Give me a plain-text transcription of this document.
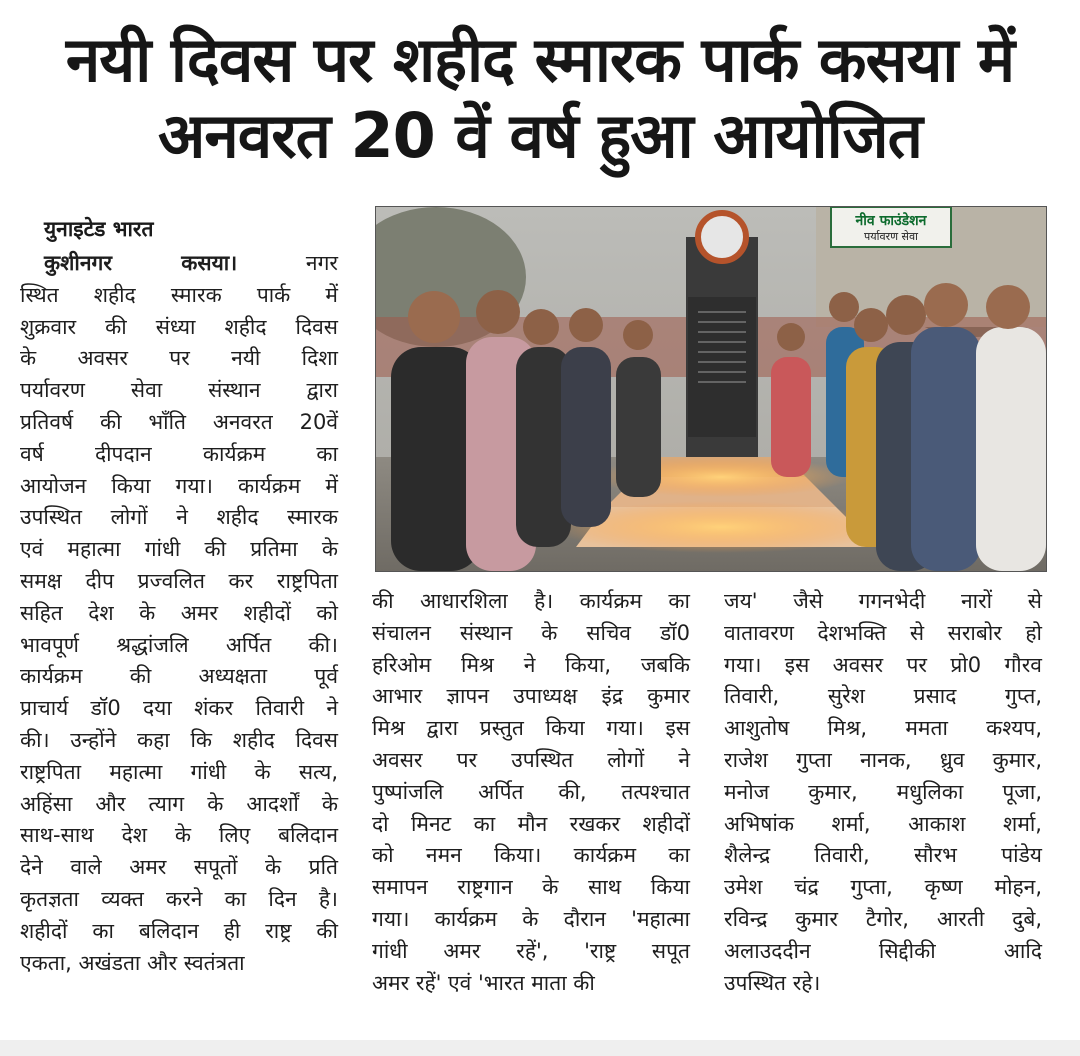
नयी दिवस पर शहीद स्मारक पार्क कसया में
अनवरत 20 वें वर्ष हुआ आयोजित
युनाइटेड भारत
कुशीनगर कसया। नगर
स्थित शहीद स्मारक पार्क में
शुक्रवार की संध्या शहीद दिवस
के अवसर पर नयी दिशा
पर्यावरण सेवा संस्थान द्वारा
प्रतिवर्ष की भाँति अनवरत 20वें
वर्ष दीपदान कार्यक्रम का
आयोजन किया गया। कार्यक्रम में
उपस्थित लोगों ने शहीद स्मारक
एवं महात्मा गांधी की प्रतिमा के
समक्ष दीप प्रज्वलित कर राष्ट्रपिता
सहित देश के अमर शहीदों को
भावपूर्ण श्रद्धांजलि अर्पित की।
कार्यक्रम की अध्यक्षता पूर्व
प्राचार्य डॉ0 दया शंकर तिवारी ने
की। उन्होंने कहा कि शहीद दिवस
राष्ट्रपिता महात्मा गांधी के सत्य,
अहिंसा और त्याग के आदर्शों के
साथ-साथ देश के लिए बलिदान
देने वाले अमर सपूतों के प्रति
कृतज्ञता व्यक्त करने का दिन है।
शहीदों का बलिदान ही राष्ट्र की
एकता, अखंडता और स्वतंत्रता
नीव फाउंडेशन
पर्यावरण सेवा
की आधारशिला है। कार्यक्रम का
संचालन संस्थान के सचिव डॉ0
हरिओम मिश्र ने किया, जबकि
आभार ज्ञापन उपाध्यक्ष इंद्र कुमार
मिश्र द्वारा प्रस्तुत किया गया। इस
अवसर पर उपस्थित लोगों ने
पुष्पांजलि अर्पित की, तत्पश्चात
दो मिनट का मौन रखकर शहीदों
को नमन किया। कार्यक्रम का
समापन राष्ट्रगान के साथ किया
गया। कार्यक्रम के दौरान 'महात्मा
गांधी अमर रहें', 'राष्ट्र सपूत
अमर रहें' एवं 'भारत माता की
जय' जैसे गगनभेदी नारों से
वातावरण देशभक्ति से सराबोर हो
गया। इस अवसर पर प्रो0 गौरव
तिवारी, सुरेश प्रसाद गुप्त,
आशुतोष मिश्र, ममता कश्यप,
राजेश गुप्ता नानक, ध्रुव कुमार,
मनोज कुमार, मधुलिका पूजा,
अभिषांक शर्मा, आकाश शर्मा,
शैलेन्द्र तिवारी, सौरभ पांडेय
उमेश चंद्र गुप्ता, कृष्ण मोहन,
रविन्द्र कुमार टैगोर, आरती दुबे,
अलाउददीन सिद्दीकी आदि
उपस्थित रहे।
